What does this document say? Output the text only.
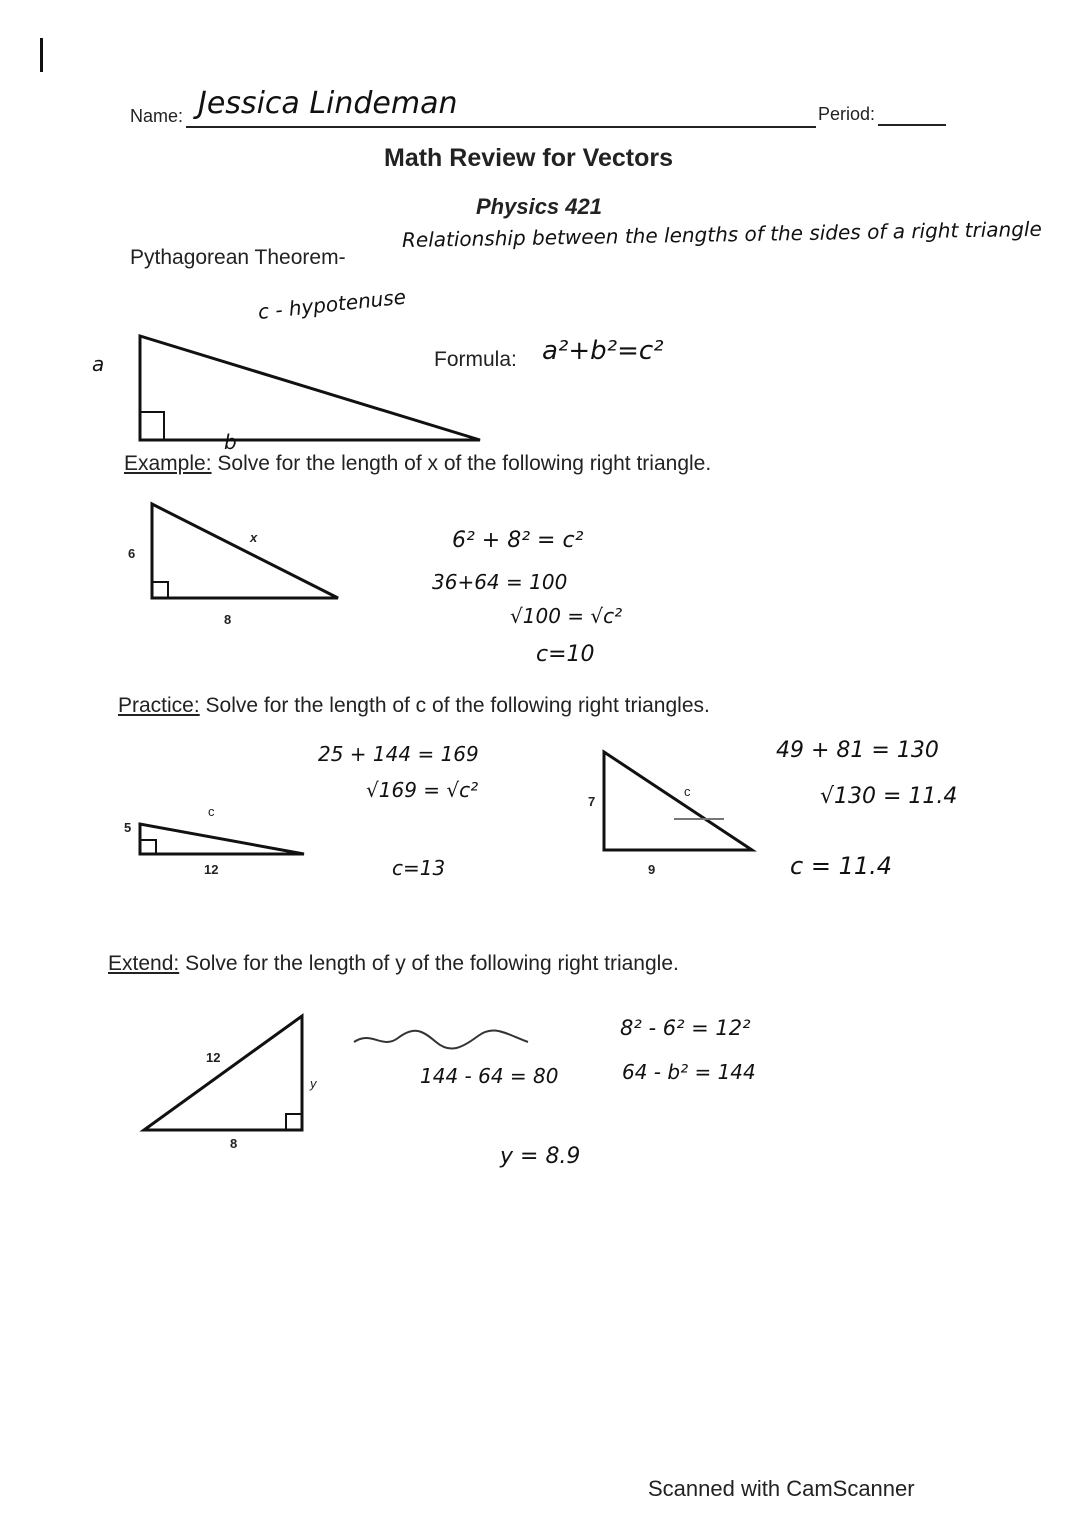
Name: Jessica Lindeman	Period:
Math Review for Vectors
Physics 421
Pythagorean Theorem-
Relationship between the lengths of the sides of a right triangle
a
b
c - hypotenuse
Formula: a²+b²=c²
Example: Solve for the length of x of the following right triangle.
6
8
x	6² + 8² = c²
36+64 = 100
√100 = √c²
c=10
Practice: Solve for the length of c of the following right triangles.
5
12
c
25 + 144 = 169
√169 = √c²
c=13
7
9
c
49 + 81 = 130
√130 = 11.4
c = 11.4
Extend: Solve for the length of y of the following right triangle.
12
8
y	144 - 64 = 80
y = 8.9
8² - 6² = 12²
64 - b² = 144
Scanned with CamScanner
